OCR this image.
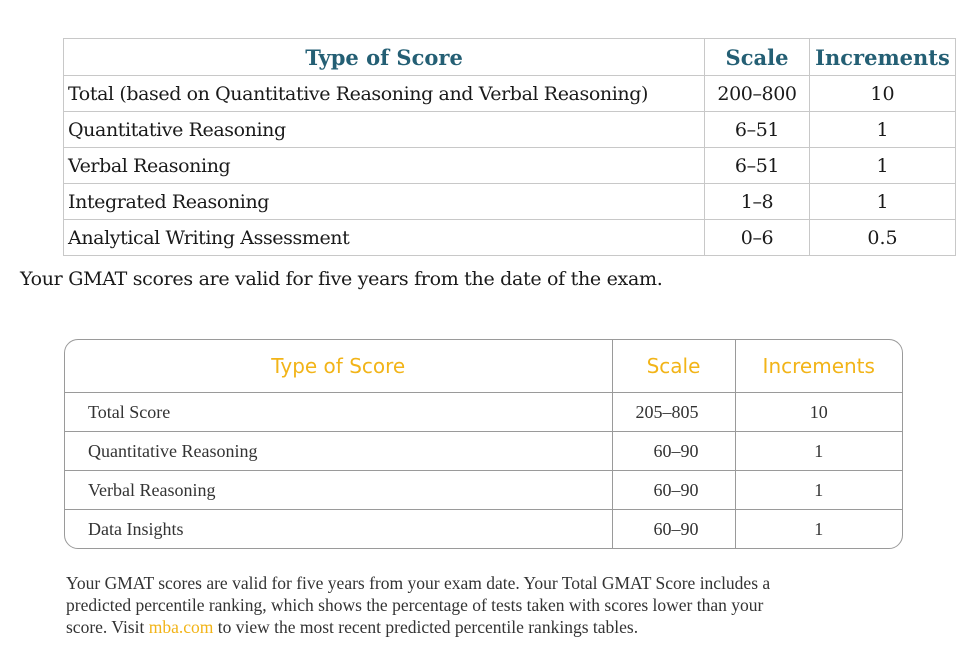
Type of Score	Scale	Increments
Total (based on Quantitative Reasoning and Verbal Reasoning)	200–800	10
Quantitative Reasoning	6–51	1
Verbal Reasoning	6–51	1
Integrated Reasoning	1–8	1
Analytical Writing Assessment	0–6	0.5
Your GMAT scores are valid for five years from the date of the exam.
Type of Score	Scale	Increments
Total Score	205–805	10
Quantitative Reasoning	60–90	1
Verbal Reasoning	60–90	1
Data Insights	60–90	1
Your GMAT scores are valid for five years from your exam date. Your Total GMAT Score includes a
predicted percentile ranking, which shows the percentage of tests taken with scores lower than your
score. Visit mba.com to view the most recent predicted percentile rankings tables.
